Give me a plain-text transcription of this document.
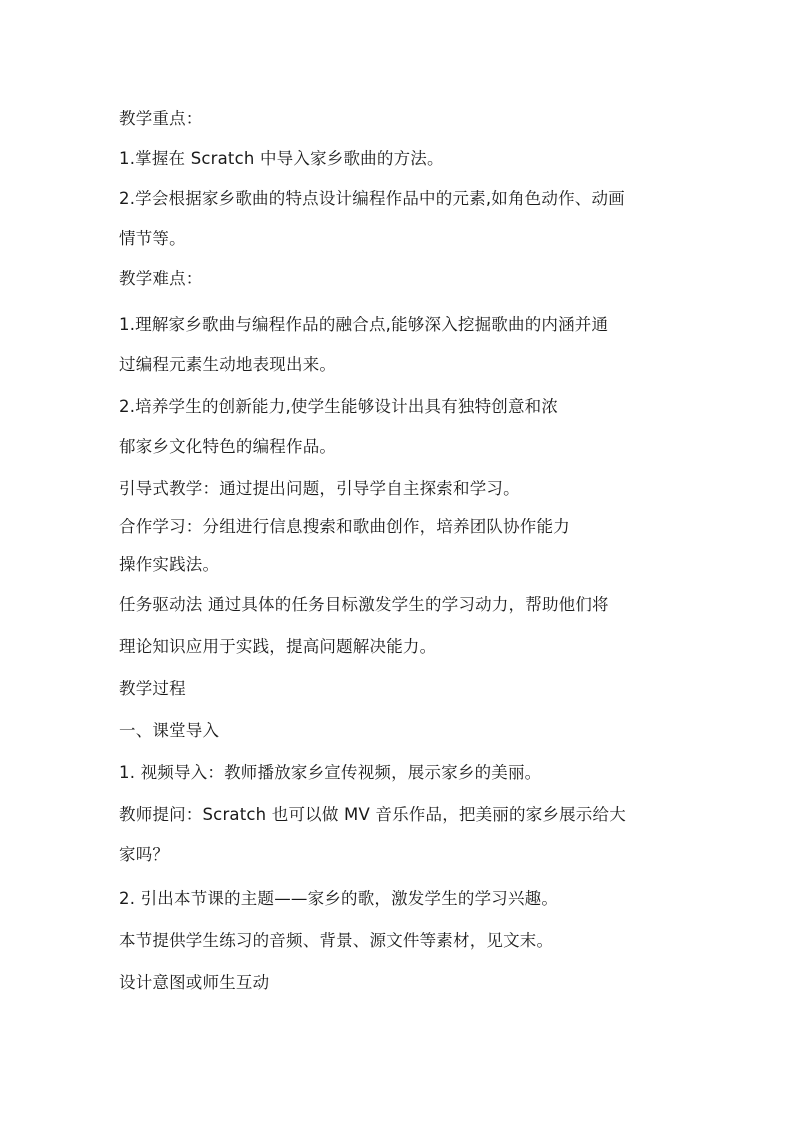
教学重点：
1.掌握在 Scratch 中导入家乡歌曲的方法。
2.学会根据家乡歌曲的特点设计编程作品中的元素,如角色动作、动画
情节等。
教学难点：
1.理解家乡歌曲与编程作品的融合点,能够深入挖掘歌曲的内涵并通
过编程元素生动地表现出来。
2.培养学生的创新能力,使学生能够设计出具有独特创意和浓
郁家乡文化特色的编程作品。
引导式教学：通过提出问题，引导学自主探索和学习。
合作学习：分组进行信息搜索和歌曲创作，培养团队协作能力
操作实践法。
任务驱动法 通过具体的任务目标激发学生的学习动力，帮助他们将
理论知识应用于实践，提高问题解决能力。
教学过程
一、课堂导入
1. 视频导入：教师播放家乡宣传视频，展示家乡的美丽。
教师提问：Scratch 也可以做 MV 音乐作品，把美丽的家乡展示给大
家吗？
2. 引出本节课的主题——家乡的歌，激发学生的学习兴趣。
本节提供学生练习的音频、背景、源文件等素材，见文末。
设计意图或师生互动
